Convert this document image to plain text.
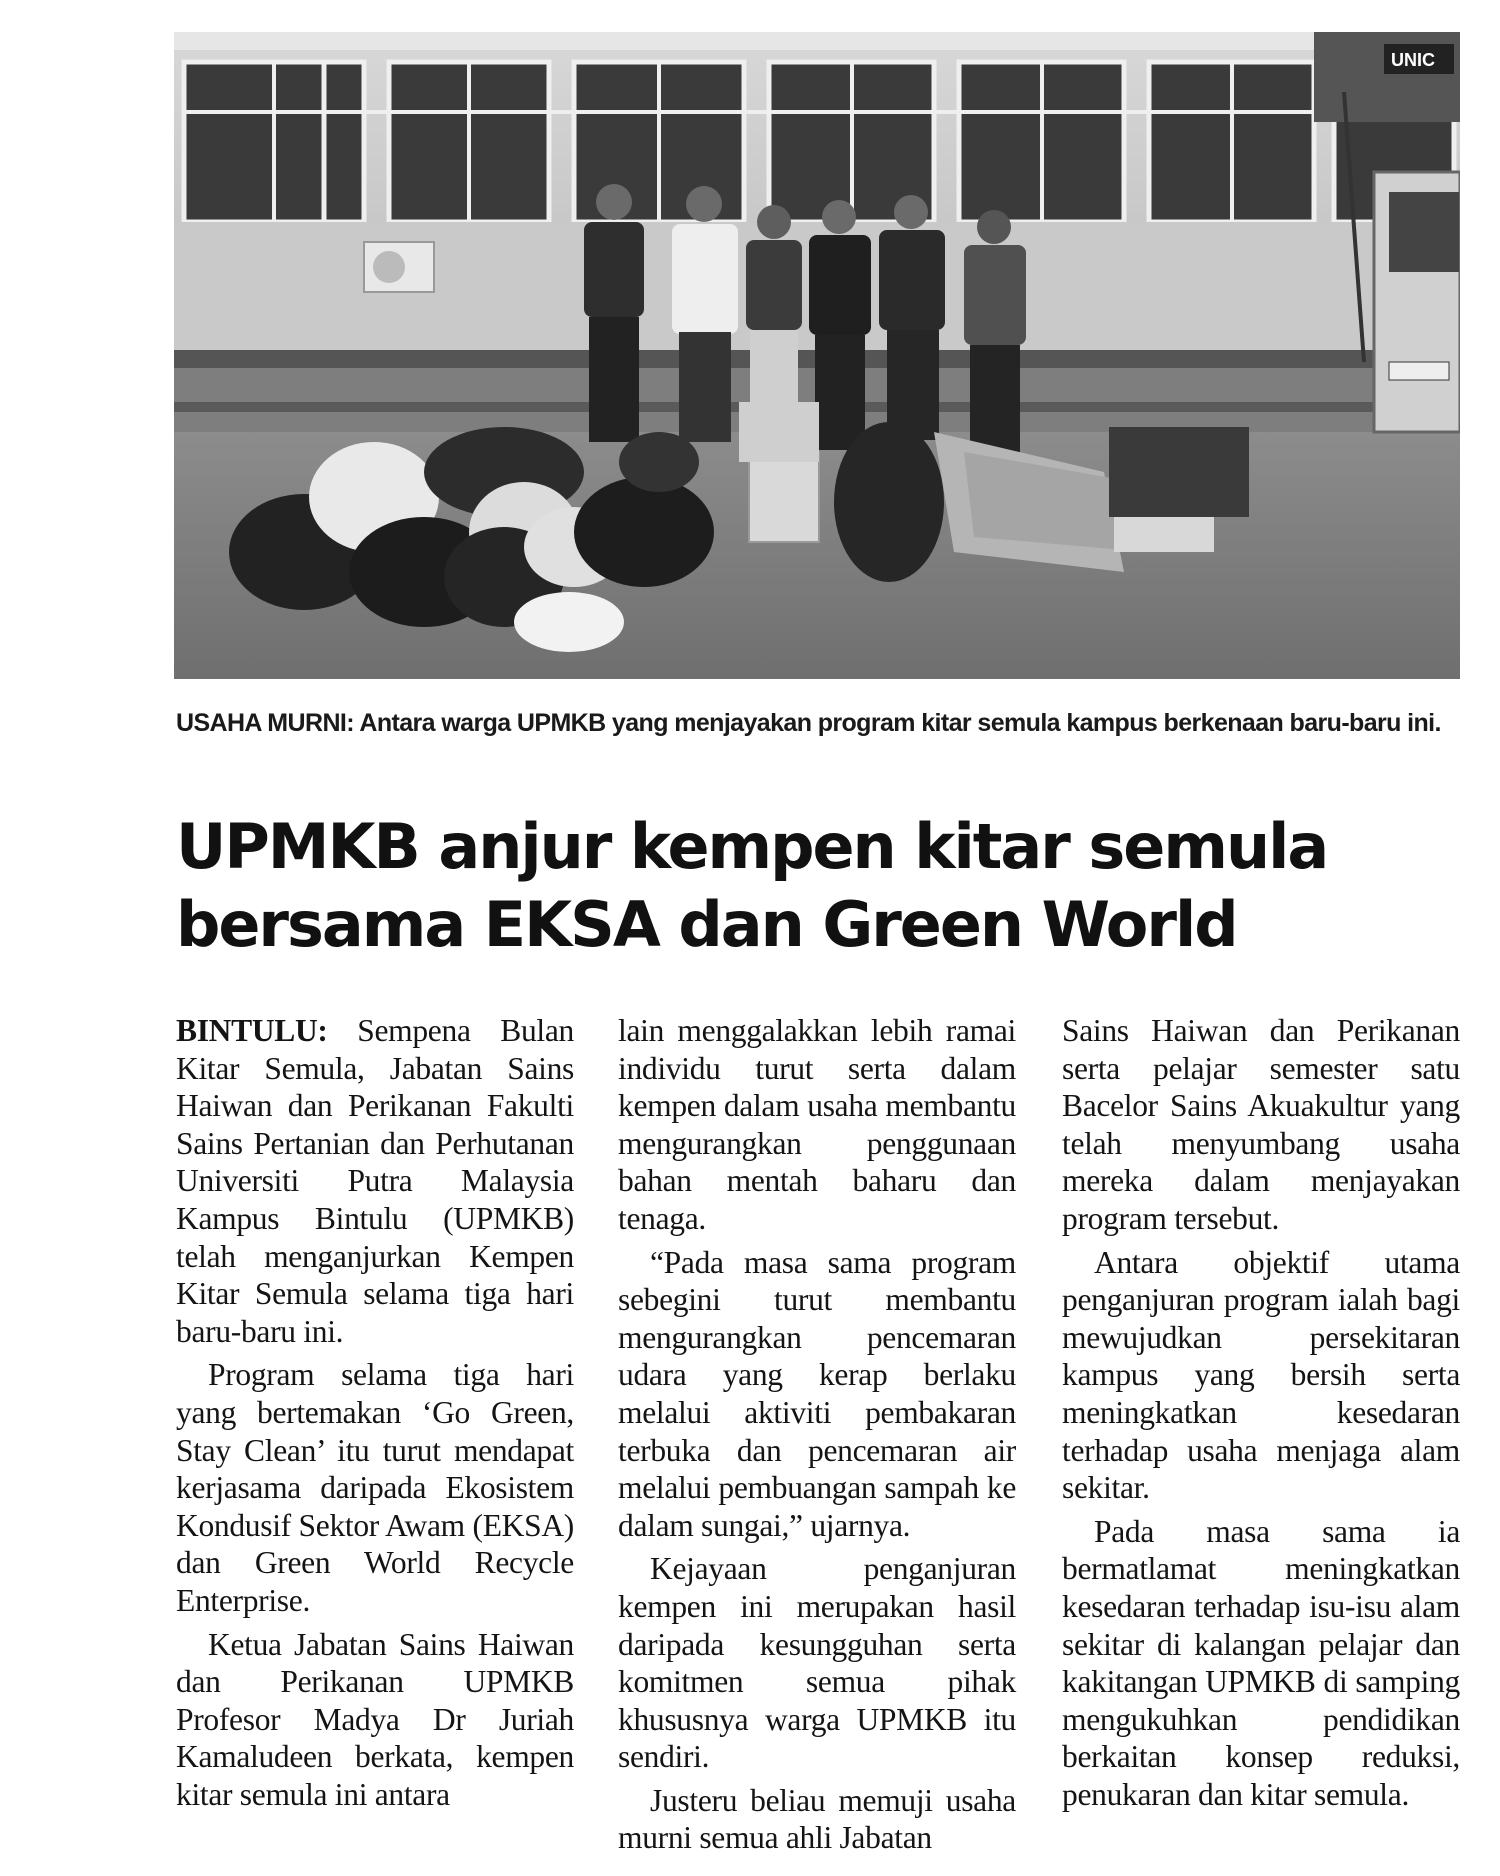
UNIC
USAHA MURNI: Antara warga UPMKB yang menjayakan program kitar semula kampus berkenaan baru-baru ini.
UPMKB anjur kempen kitar semula
bersama EKSA dan Green World

BINTULU: Sempena Bulan Kitar Semula, Jabatan Sains Haiwan dan Perikanan Fakulti Sains Pertanian dan Perhutanan Universiti Putra Malaysia Kampus Bintulu (UPMKB) telah menganjurkan Kempen Kitar Semula selama tiga hari baru-baru ini.

Program selama tiga hari yang bertemakan ‘Go Green, Stay Clean’ itu turut mendapat kerjasama daripada Ekosistem Kondusif Sektor Awam (EKSA) dan Green World Recycle Enterprise.

Ketua Jabatan Sains Haiwan dan Perikanan UPMKB Profesor Madya Dr Juriah Kamaludeen berkata, kempen kitar semula ini antara

lain menggalakkan lebih ramai individu turut serta dalam kempen dalam usaha membantu mengurangkan penggunaan bahan mentah baharu dan tenaga.

“Pada masa sama program sebegini turut membantu mengurangkan pencemaran udara yang kerap berlaku melalui aktiviti pembakaran terbuka dan pencemaran air melalui pembuangan sampah ke dalam sungai,” ujarnya.

Kejayaan penganjuran kempen ini merupakan hasil daripada kesungguhan serta komitmen semua pihak khususnya warga UPMKB itu sendiri.

Justeru beliau memuji usaha murni semua ahli Jabatan

Sains Haiwan dan Perikanan serta pelajar semester satu Bacelor Sains Akuakultur yang telah menyumbang usaha mereka dalam menjayakan program tersebut.

Antara objektif utama penganjuran program ialah bagi mewujudkan persekitaran kampus yang bersih serta meningkatkan kesedaran terhadap usaha menjaga alam sekitar.

Pada masa sama ia bermatlamat meningkatkan kesedaran terhadap isu-isu alam sekitar di kalangan pelajar dan kakitangan UPMKB di samping mengukuhkan pendidikan berkaitan konsep reduksi, penukaran dan kitar semula.
